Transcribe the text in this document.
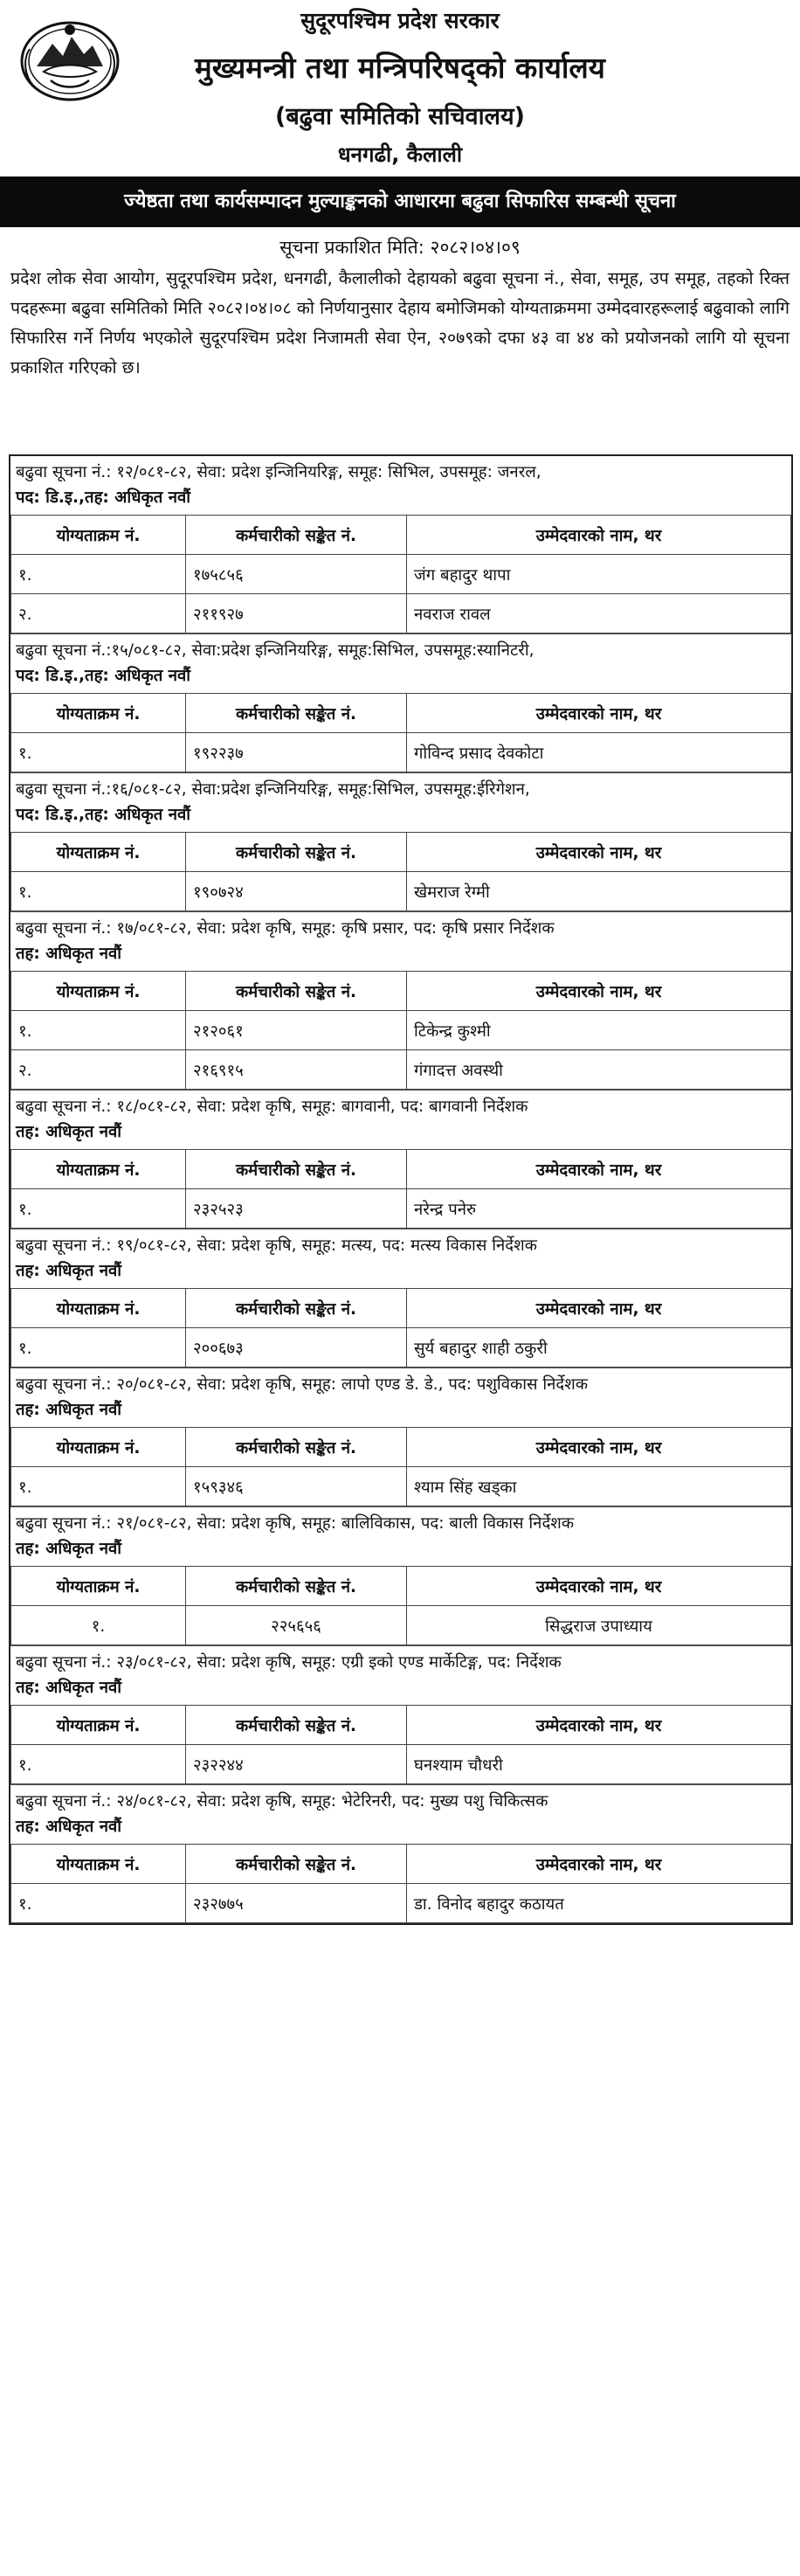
सुदूरपश्चिम प्रदेश सरकार
मुख्यमन्त्री तथा मन्त्रिपरिषद्को कार्यालय
(बढुवा समितिको सचिवालय)
धनगढी, कैलाली
ज्येष्ठता तथा कार्यसम्पादन मुल्याङ्कनको आधारमा बढुवा सिफारिस सम्बन्धी सूचना
सूचना प्रकाशित मिति: २०८२।०४।०९
प्रदेश लोक सेवा आयोग, सुदूरपश्चिम प्रदेश, धनगढी, कैलालीको देहायको बढुवा सूचना नं., सेवा, समूह, उप समूह, तहको रिक्त पदहरूमा बढुवा समितिको मिति २०८२।०४।०८ को निर्णयानुसार देहाय बमोजिमको योग्यताक्रममा उम्मेदवारहरूलाई बढुवाको लागि सिफारिस गर्ने निर्णय भएकोले सुदूरपश्चिम प्रदेश निजामती सेवा ऐन, २०७९को दफा ४३ वा ४४ को प्रयोजनको लागि यो सूचना प्रकाशित गरिएको छ।
बढुवा सूचना नं.: १२/०८१-८२, सेवा: प्रदेश इन्जिनियरिङ्ग, समूह: सिभिल, उपसमूह: जनरल,
पद: डि.इ.,तह: अधिकृत नवौं
योग्यताक्रम नं.	कर्मचारीको सङ्केत नं.	उम्मेदवारको नाम, थर
१.	१७५८५६	जंग बहादुर थापा
२.	२११९२७	नवराज रावल
बढुवा सूचना नं.:१५/०८१-८२, सेवा:प्रदेश इन्जिनियरिङ्ग, समूह:सिभिल, उपसमूह:स्यानिटरी,
पद: डि.इ.,तह: अधिकृत नवौं
योग्यताक्रम नं.	कर्मचारीको सङ्केत नं.	उम्मेदवारको नाम, थर
१.	१९२२३७	गोविन्द प्रसाद देवकोटा
बढुवा सूचना नं.:१६/०८१-८२, सेवा:प्रदेश इन्जिनियरिङ्ग, समूह:सिभिल, उपसमूह:ईरिगेशन,
पद: डि.इ.,तह: अधिकृत नवौं
योग्यताक्रम नं.	कर्मचारीको सङ्केत नं.	उम्मेदवारको नाम, थर
१.	१९०७२४	खेमराज रेग्मी
बढुवा सूचना नं.: १७/०८१-८२, सेवा: प्रदेश कृषि, समूह: कृषि प्रसार, पद: कृषि प्रसार निर्देशक
तह: अधिकृत नवौं
योग्यताक्रम नं.	कर्मचारीको सङ्केत नं.	उम्मेदवारको नाम, थर
१.	२१२०६१	टिकेन्द्र कुश्मी
२.	२१६९१५	गंगादत्त अवस्थी
बढुवा सूचना नं.: १८/०८१-८२, सेवा: प्रदेश कृषि, समूह: बागवानी, पद: बागवानी निर्देशक
तह: अधिकृत नवौं
योग्यताक्रम नं.	कर्मचारीको सङ्केत नं.	उम्मेदवारको नाम, थर
१.	२३२५२३	नरेन्द्र पनेरु
बढुवा सूचना नं.: १९/०८१-८२, सेवा: प्रदेश कृषि, समूह: मत्स्य, पद: मत्स्य विकास निर्देशक
तह: अधिकृत नवौं
योग्यताक्रम नं.	कर्मचारीको सङ्केत नं.	उम्मेदवारको नाम, थर
१.	२००६७३	सुर्य बहादुर शाही ठकुरी
बढुवा सूचना नं.: २०/०८१-८२, सेवा: प्रदेश कृषि, समूह: लापो एण्ड डे. डे., पद: पशुविकास निर्देशक
तह: अधिकृत नवौं
योग्यताक्रम नं.	कर्मचारीको सङ्केत नं.	उम्मेदवारको नाम, थर
१.	१५९३४६	श्याम सिंह खड्का
बढुवा सूचना नं.: २१/०८१-८२, सेवा: प्रदेश कृषि, समूह: बालिविकास, पद: बाली विकास निर्देशक
तह: अधिकृत नवौं
योग्यताक्रम नं.	कर्मचारीको सङ्केत नं.	उम्मेदवारको नाम, थर
१.	२२५६५६	सिद्धराज उपाध्याय
बढुवा सूचना नं.: २३/०८१-८२, सेवा: प्रदेश कृषि, समूह: एग्री इको एण्ड मार्केटिङ्ग, पद: निर्देशक
तह: अधिकृत नवौं
योग्यताक्रम नं.	कर्मचारीको सङ्केत नं.	उम्मेदवारको नाम, थर
१.	२३२२४४	घनश्याम चौधरी
बढुवा सूचना नं.: २४/०८१-८२, सेवा: प्रदेश कृषि, समूह: भेटेरिनरी, पद: मुख्य पशु चिकित्सक
तह: अधिकृत नवौं
योग्यताक्रम नं.	कर्मचारीको सङ्केत नं.	उम्मेदवारको नाम, थर
१.	२३२७७५	डा. विनोद बहादुर कठायत
